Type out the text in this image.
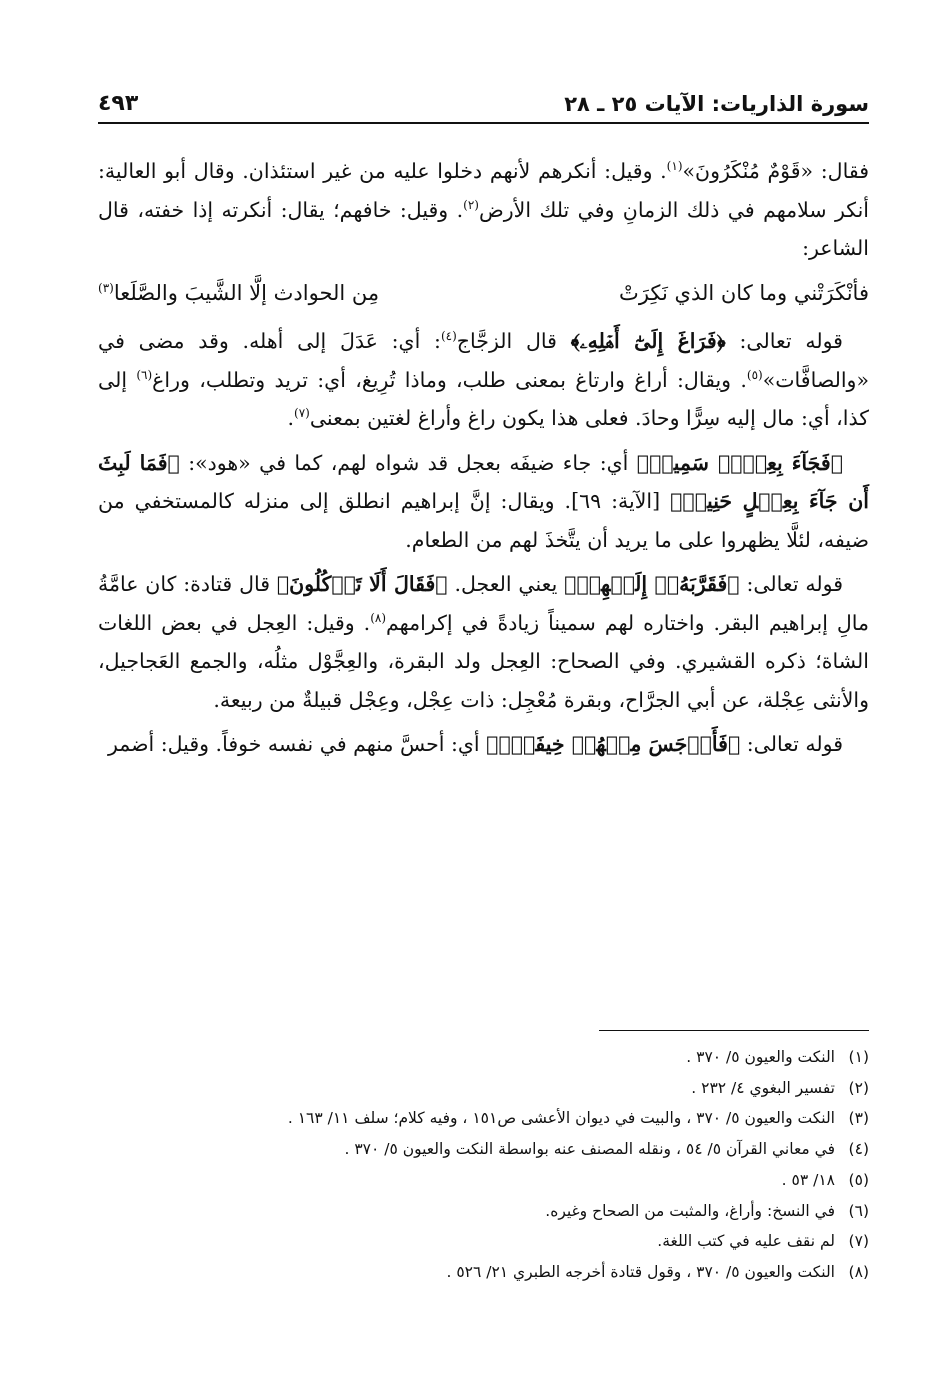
سورة الذاريات: الآيات ٢٥ ـ ٢٨
٤٩٣

فقال: «قَوْمٌ مُنْكَرُونَ»$^{(١)}$. وقيل: أنكرهم لأنهم دخلوا عليه من غير استئذان. وقال أبو العالية: أنكر سلامهم في ذلك الزمانِ وفي تلك الأرض$^{(٢)}$. وقيل: خافهم؛ يقال: أنكرته إذا خفته، قال الشاعر:

فأنْكَرَتْني وما كان الذي نَكِرَتْ
مِن الحوادث إلَّا الشَّيبَ والصَّلَعا$^{(٣)}$

قوله تعالى: ﴿فَرَاغَ إِلَىٰٓ أَهۡلِهِۦ﴾ قال الزجَّاج$^{(٤)}$: أي: عَدَلَ إلى أهله. وقد مضى في «والصافَّات»$^{(٥)}$. ويقال: أراغ وارتاغ بمعنى طلب، وماذا تُرِيغ، أي: تريد وتطلب، وراغ$^{(٦)}$ إلى كذا، أي: مال إليه سِرًّا وحادَ. فعلى هذا يكون راغ وأراغ لغتين بمعنى$^{(٧)}$.

﴿فَجَآءَ بِعِجۡلٖ سَمِينٖ﴾ أي: جاء ضيفَه بعجل قد شواه لهم، كما في «هود»: ﴿فَمَا لَبِثَ أَن جَآءَ بِعِجۡلٍ حَنِيذٖ﴾ [الآية: ٦٩]. ويقال: إنَّ إبراهيم انطلق إلى منزله كالمستخفي من ضيفه، لئلَّا يظهروا على ما يريد أن يتَّخذَ لهم من الطعام.

قوله تعالى: ﴿فَقَرَّبَهُۥٓ إِلَيۡهِمۡ﴾ يعني العجل. ﴿فَقَالَ أَلَا تَأۡكُلُونَ﴾ قال قتادة: كان عامَّةُ مالِ إبراهيم البقر. واختاره لهم سميناً زيادةً في إكرامهم$^{(٨)}$. وقيل: العِجل في بعض اللغات الشاة؛ ذكره القشيري. وفي الصحاح: العِجل ولد البقرة، والعِجَّوْل مثلُه، والجمع العَجاجيل، والأنثى عِجْلة، عن أبي الجرَّاح، وبقرة مُعْجِل: ذات عِجْل، وعِجْل قبيلةٌ من ربيعة.

قوله تعالى: ﴿فَأَوۡجَسَ مِنۡهُمۡ خِيفَةٗۖ﴾ أي: أحسَّ منهم في نفسه خوفاً. وقيل: أضمر

(١)
النكت والعيون ٥/ ٣٧٠ .
(٢)
تفسير البغوي ٤/ ٢٣٢ .
(٣)
النكت والعيون ٥/ ٣٧٠ ، والبيت في ديوان الأعشى ص١٥١ ، وفيه كلام؛ سلف ١١/ ١٦٣ .
(٤)
في معاني القرآن ٥/ ٥٤ ، ونقله المصنف عنه بواسطة النكت والعيون ٥/ ٣٧٠ .
(٥)
١٨/ ٥٣ .
(٦)
في النسخ: وأراغ، والمثبت من الصحاح وغيره.
(٧)
لم نقف عليه في كتب اللغة.
(٨)
النكت والعيون ٥/ ٣٧٠ ، وقول قتادة أخرجه الطبري ٢١/ ٥٢٦ .
